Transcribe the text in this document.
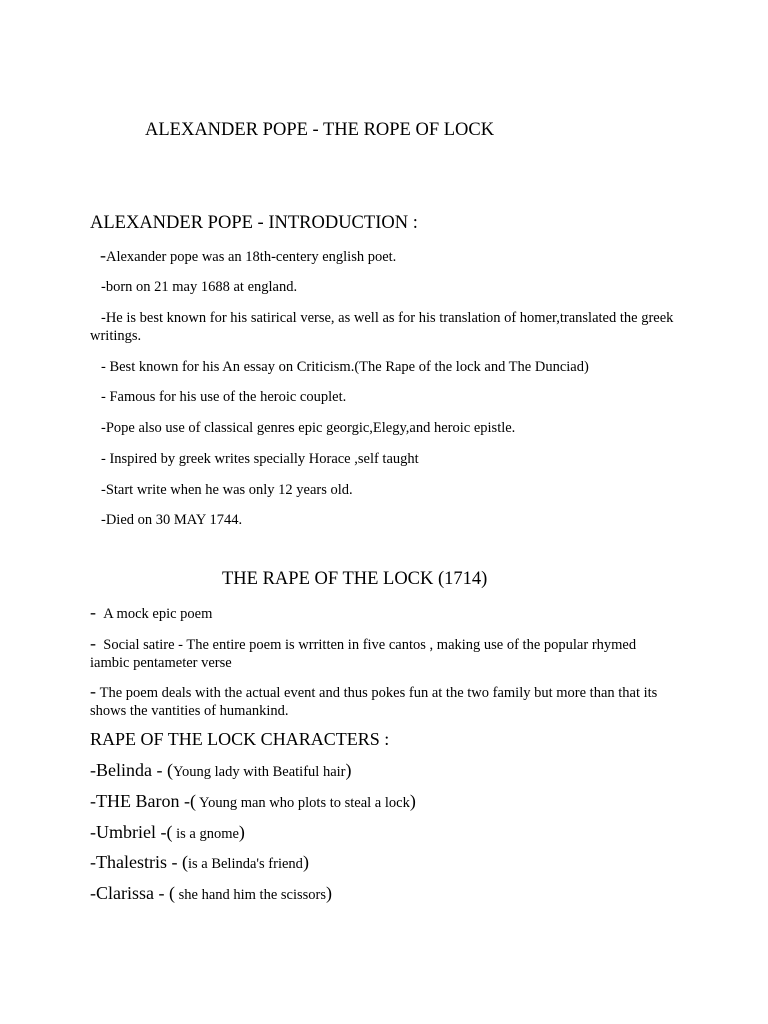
ALEXANDER POPE - THE ROPE OF LOCK
ALEXANDER POPE - INTRODUCTION :
-Alexander pope was an 18th-centery english poet.
-born on 21 may 1688 at england.
-He is best known for his satirical verse, as well as for his translation of homer,translated the greek writings.
- Best known for his An essay on Criticism.(The Rape of the lock and The Dunciad)
- Famous for his use of the heroic couplet.
-Pope also use of classical genres epic georgic,Elegy,and heroic epistle.
- Inspired by greek writes specially Horace ,self taught
-Start write when he was only 12 years old.
-Died on 30 MAY 1744.
THE RAPE OF THE LOCK (1714)
- A mock epic poem
- Social satire - The entire poem is wrritten in five cantos , making use of the popular rhymed iambic pentameter verse
- The poem deals with the actual event and thus pokes fun at the two family but more than that its shows the vantities of humankind.
RAPE OF THE LOCK CHARACTERS :
-Belinda - (Young lady with Beatiful hair)
-THE Baron -( Young man who plots to steal a lock)
-Umbriel -( is a gnome)
-Thalestris - (is a Belinda's friend)
-Clarissa - ( she hand him the scissors)
